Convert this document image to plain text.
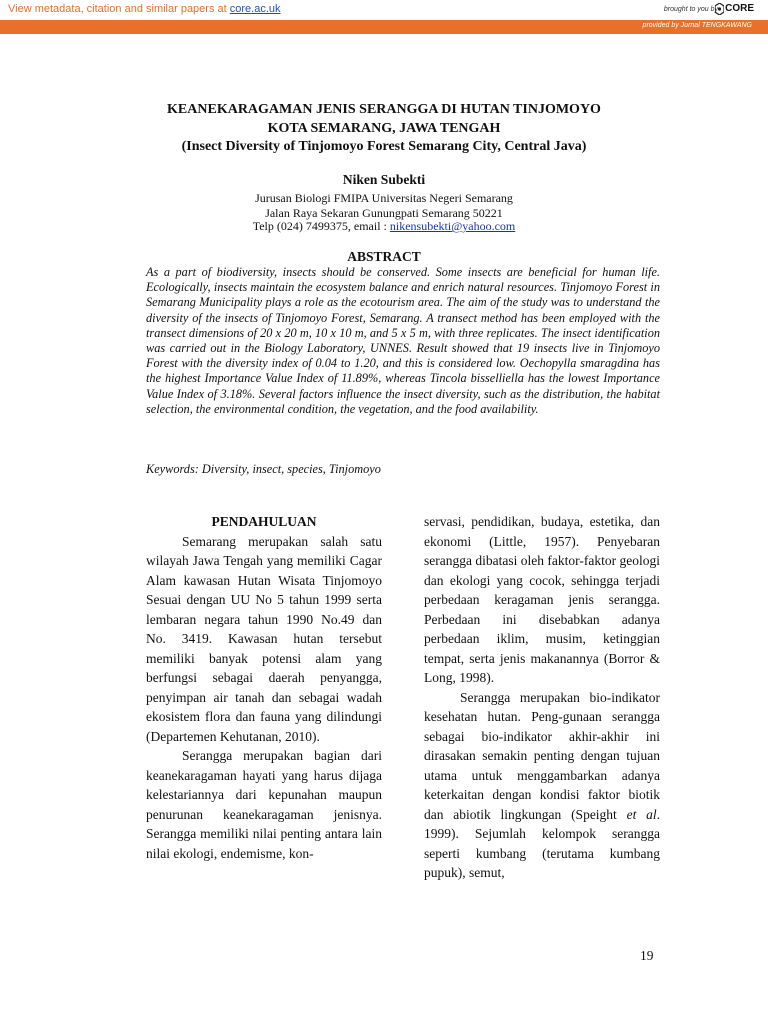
View metadata, citation and similar papers at core.ac.uk	brought to you by CORE
provided by Jurnal TENGKAWANG
KEANEKARAGAMAN JENIS SERANGGA DI HUTAN TINJOMOYO
KOTA SEMARANG, JAWA TENGAH
(Insect Diversity of Tinjomoyo Forest Semarang City, Central Java)
Niken Subekti
Jurusan Biologi FMIPA Universitas Negeri Semarang
Jalan Raya Sekaran Gunungpati Semarang 50221
Telp (024) 7499375, email : nikensubekti@yahoo.com
ABSTRACT
As a part of biodiversity, insects should be conserved. Some insects are beneficial for human life. Ecologically, insects maintain the ecosystem balance and enrich natural resources. Tinjomoyo Forest in Semarang Municipality plays a role as the ecotourism area. The aim of the study was to understand the diversity of the insects of Tinjomoyo Forest, Semarang. A transect method has been employed with the transect dimensions of 20 x 20 m, 10 x 10 m, and 5 x 5 m, with three replicates. The insect identification was carried out in the Biology Laboratory, UNNES. Result showed that 19 insects live in Tinjomoyo Forest with the diversity index of 0.04 to 1.20, and this is considered low. Oechopylla smaragdina has the highest Importance Value Index of 11.89%, whereas Tincola bisselliella has the lowest Importance Value Index of 3.18%. Several factors influence the insect diversity, such as the distribution, the habitat selection, the environmental condition, the vegetation, and the food availability.
Keywords: Diversity, insect, species, Tinjomoyo
PENDAHULUAN

Semarang merupakan salah satu wilayah Jawa Tengah yang memiliki Cagar Alam kawasan Hutan Wisata Tinjomoyo Sesuai dengan UU No 5 tahun 1999 serta lembaran negara tahun 1990 No.49 dan No. 3419. Kawasan hutan tersebut memiliki banyak potensi alam yang berfungsi sebagai daerah penyangga, penyimpan air tanah dan sebagai wadah ekosistem flora dan fauna yang dilindungi (Departemen Kehutanan, 2010).

Serangga merupakan bagian dari keanekaragaman hayati yang harus dijaga kelestariannya dari kepunahan maupun penurunan keanekaragaman jenisnya. Serangga memiliki nilai penting antara lain nilai ekologi, endemisme, kon-

servasi, pendidikan, budaya, estetika, dan ekonomi (Little, 1957). Penyebaran serangga dibatasi oleh faktor-faktor geologi dan ekologi yang cocok, sehingga terjadi perbedaan keragaman jenis serangga. Perbedaan ini disebabkan adanya perbedaan iklim, musim, ketinggian tempat, serta jenis makanannya (Borror & Long, 1998).

Serangga merupakan bio-indikator kesehatan hutan. Peng-gunaan serangga sebagai bio-indikator akhir-akhir ini dirasakan semakin penting dengan tujuan utama untuk menggambarkan adanya keterkaitan dengan kondisi faktor biotik dan abiotik lingkungan (Speight et al. 1999). Sejumlah kelompok serangga seperti kumbang (terutama kumbang pupuk), semut,

19
